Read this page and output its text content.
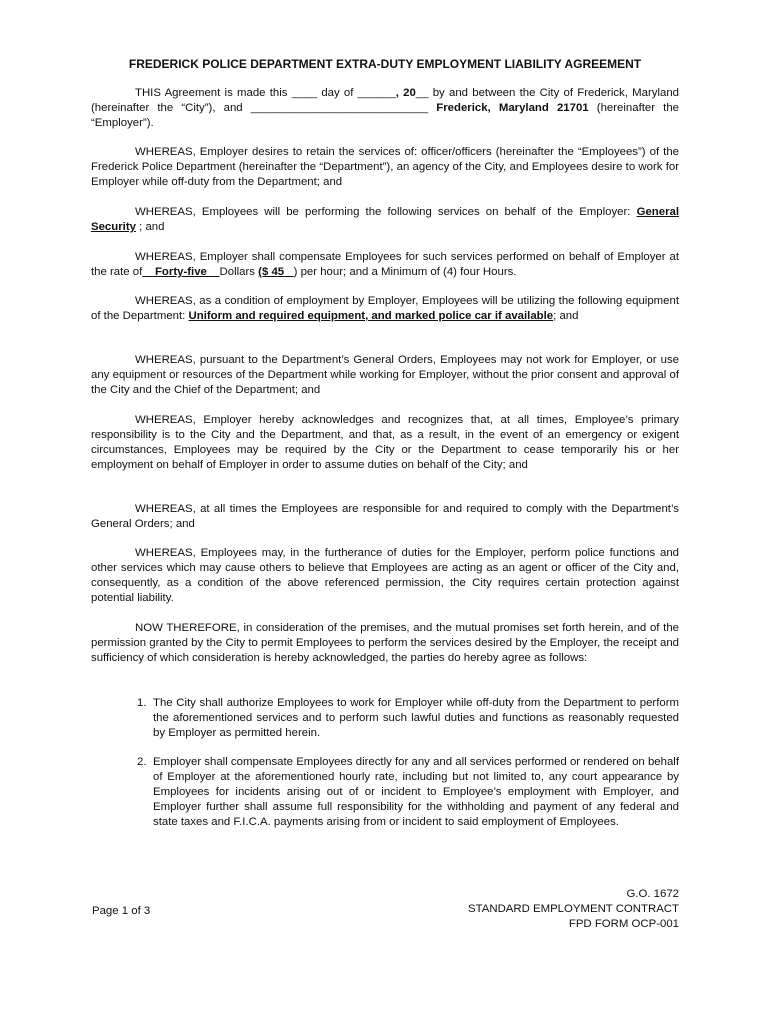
FREDERICK POLICE DEPARTMENT EXTRA-DUTY EMPLOYMENT LIABILITY AGREEMENT

THIS Agreement is made this ____ day of ______, 20__ by and between the City of Frederick, Maryland (hereinafter the “City”), and ____________________________ Frederick, Maryland 21701 (hereinafter the “Employer”).

WHEREAS, Employer desires to retain the services of: officer/officers (hereinafter the “Employees”) of the Frederick Police Department (hereinafter the “Department”), an agency of the City, and Employees desire to work for Employer while off-duty from the Department; and

WHEREAS, Employees will be performing the following services on behalf of the Employer: General Security ; and

WHEREAS, Employer shall compensate Employees for such services performed on behalf of Employer at the rate of Forty-five Dollars ($ 45 ) per hour; and a Minimum of (4) four Hours.

WHEREAS, as a condition of employment by Employer, Employees will be utilizing the following equipment of the Department: Uniform and required equipment, and marked police car if available; and

WHEREAS, pursuant to the Department’s General Orders, Employees may not work for Employer, or use any equipment or resources of the Department while working for Employer, without the prior consent and approval of the City and the Chief of the Department; and

WHEREAS, Employer hereby acknowledges and recognizes that, at all times, Employee’s primary responsibility is to the City and the Department, and that, as a result, in the event of an emergency or exigent circumstances, Employees may be required by the City or the Department to cease temporarily his or her employment on behalf of Employer in order to assume duties on behalf of the City; and

WHEREAS, at all times the Employees are responsible for and required to comply with the Department’s General Orders; and

WHEREAS, Employees may, in the furtherance of duties for the Employer, perform police functions and other services which may cause others to believe that Employees are acting as an agent or officer of the City and, consequently, as a condition of the above referenced permission, the City requires certain protection against potential liability.

NOW THEREFORE, in consideration of the premises, and the mutual promises set forth herein, and of the permission granted by the City to permit Employees to perform the services desired by the Employer, the receipt and sufficiency of which consideration is hereby acknowledged, the parties do hereby agree as follows:

1. The City shall authorize Employees to work for Employer while off-duty from the Department to perform the aforementioned services and to perform such lawful duties and functions as reasonably requested by Employer as permitted herein.
2. Employer shall compensate Employees directly for any and all services performed or rendered on behalf of Employer at the aforementioned hourly rate, including but not limited to, any court appearance by Employees for incidents arising out of or incident to Employee’s employment with Employer, and Employer further shall assume full responsibility for the withholding and payment of any federal and state taxes and F.I.C.A. payments arising from or incident to said employment of Employees.
Page 1 of 3
G.O. 1672
STANDARD EMPLOYMENT CONTRACT
FPD FORM OCP-001
